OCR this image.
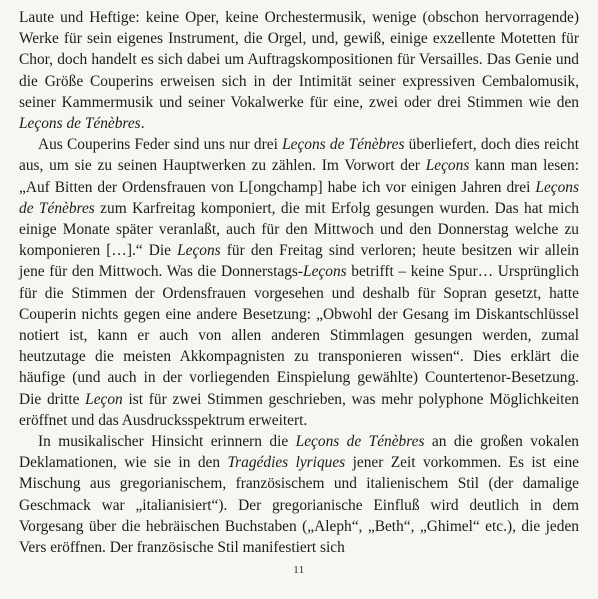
Laute und Heftige: keine Oper, keine Orchestermusik, wenige (obschon hervorragende) Werke für sein eigenes Instrument, die Orgel, und, gewiß, einige exzellente Motetten für Chor, doch handelt es sich dabei um Auftragskompositionen für Versailles. Das Genie und die Größe Couperins erweisen sich in der Intimität seiner expressiven Cembalomusik, seiner Kammermusik und seiner Vokalwerke für eine, zwei oder drei Stimmen wie den Leçons de Ténèbres.

Aus Couperins Feder sind uns nur drei Leçons de Ténèbres überliefert, doch dies reicht aus, um sie zu seinen Hauptwerken zu zählen. Im Vorwort der Leçons kann man lesen: „Auf Bitten der Ordensfrauen von L[ongchamp] habe ich vor einigen Jahren drei Leçons de Ténèbres zum Karfreitag komponiert, die mit Erfolg gesungen wurden. Das hat mich einige Monate später veranlaßt, auch für den Mittwoch und den Donnerstag welche zu komponieren […].“ Die Leçons für den Freitag sind verloren; heute besitzen wir allein jene für den Mittwoch. Was die Donnerstags-Leçons betrifft – keine Spur… Ursprünglich für die Stimmen der Ordensfrauen vorgesehen und deshalb für Sopran gesetzt, hatte Couperin nichts gegen eine andere Besetzung: „Obwohl der Gesang im Diskantschlüssel notiert ist, kann er auch von allen anderen Stimmlagen gesungen werden, zumal heutzutage die meisten Akkompagnisten zu transponieren wissen“. Dies erklärt die häufige (und auch in der vorliegenden Einspielung gewählte) Countertenor-Besetzung. Die dritte Leçon ist für zwei Stimmen geschrieben, was mehr polyphone Möglichkeiten eröffnet und das Ausdrucksspektrum erweitert.

In musikalischer Hinsicht erinnern die Leçons de Ténèbres an die großen vokalen Deklamationen, wie sie in den Tragédies lyriques jener Zeit vorkommen. Es ist eine Mischung aus gregorianischem, französischem und italienischem Stil (der damalige Geschmack war „italianisiert“). Der gregorianische Einfluß wird deutlich in dem Vorgesang über die hebräischen Buchstaben („Aleph“, „Beth“, „Ghimel“ etc.), die jeden Vers eröffnen. Der französische Stil manifestiert sich

11
